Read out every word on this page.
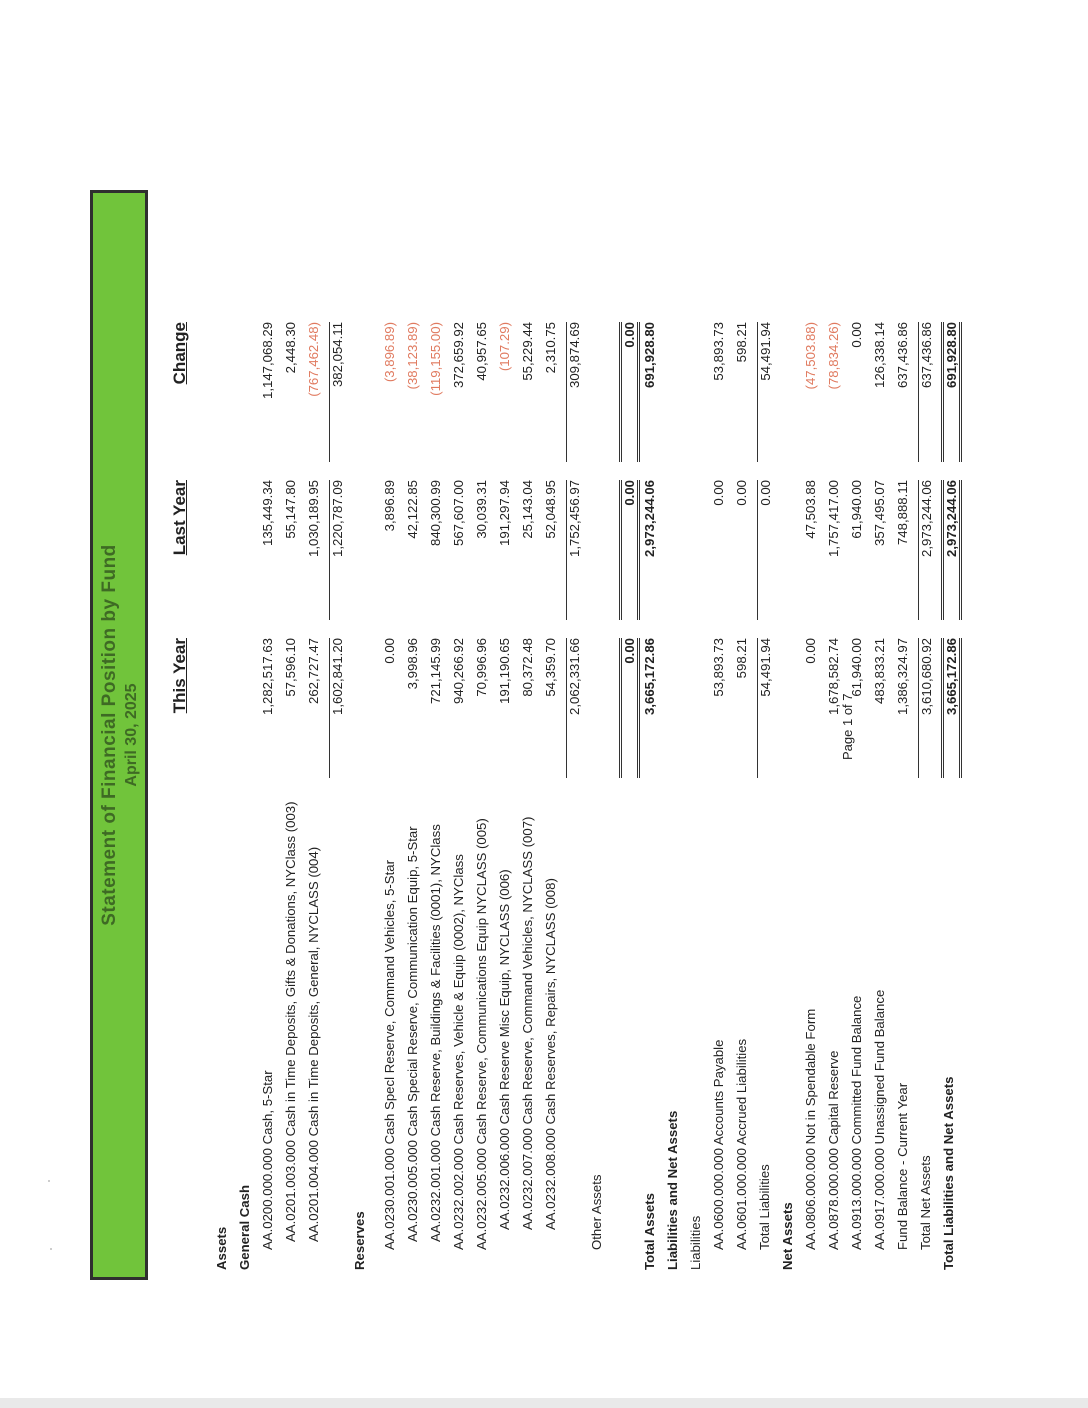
Statement of Financial Position by Fund April 30, 2025
This Year
Last Year
Change
Assets General Cash AA.0200.000.000 Cash, 5-Star
1,282,517.63
135,449.34
1,147,068.29
AA.0201.003.000 Cash in Time Deposits, Gifts & Donations, NYClass (003)
57,596.10
55,147.80
2,448.30
AA.0201.004.000 Cash in Time Deposits, General, NYCLASS (004)
262,727.47
1,030,189.95
(767,462.48)
1,602,841.20
1,220,787.09
382,054.11
Reserves AA.0230.001.000 Cash Specl Reserve, Command Vehicles, 5-Star
0.00
3,896.89
(3,896.89)
AA.0230.005.000 Cash Special Reserve, Communication Equip, 5-Star
3,998.96
42,122.85
(38,123.89)
AA.0232.001.000 Cash Reserve, Buildings & Facilities (0001), NYClass
721,145.99
840,300.99
(119,155.00)
AA.0232.002.000 Cash Reserves, Vehicle & Equip (0002), NYClass
940,266.92
567,607.00
372,659.92
AA.0232.005.000 Cash Reserve, Communications Equip NYCLASS (005)
70,996.96
30,039.31
40,957.65
AA.0232.006.000 Cash Reserve Misc Equip, NYCLASS (006)
191,190.65
191,297.94
(107.29)
AA.0232.007.000 Cash Reserve, Command Vehicles, NYCLASS (007)
80,372.48
25,143.04
55,229.44
AA.0232.008.000 Cash Reserves, Repairs, NYCLASS (008)
54,359.70
52,048.95
2,310.75
2,062,331.66
1,752,456.97
309,874.69
Other Assets
0.00
0.00
0.00
Total Assets
3,665,172.86
2,973,244.06
691,928.80
Liabilities and Net Assets Liabilities AA.0600.000.000 Accounts Payable
53,893.73
0.00
53,893.73
AA.0601.000.000 Accrued Liabilities
598.21
0.00
598.21
Total Liabilities
54,491.94
0.00
54,491.94
Net Assets AA.0806.000.000 Not in Spendable Form
0.00
47,503.88
(47,503.88)
AA.0878.000.000 Capital Reserve
1,678,582.74
1,757,417.00
(78,834.26)
AA.0913.000.000 Committed Fund Balance
61,940.00
61,940.00
0.00
AA.0917.000.000 Unassigned Fund Balance
483,833.21
357,495.07
126,338.14
Fund Balance - Current Year
1,386,324.97
748,888.11
637,436.86
Total Net Assets
3,610,680.92
2,973,244.06
637,436.86
Total Liabilities and Net Assets
3,665,172.86
2,973,244.06
691,928.80
Page 1 of 7
